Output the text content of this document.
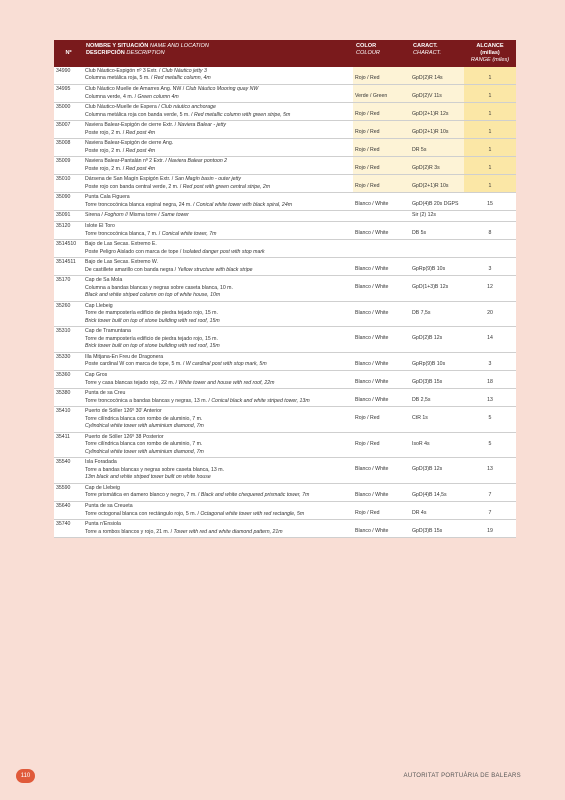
Nº	NOMBRE Y SITUACIÓN NAME AND LOCATION
DESCRIPCIÓN DESCRIPTION	COLOR
COLOUR	CARACT.
CHARACT.	ALCANCE (millas)
RANGE (miles)
34990	Club Náutico-Espigón nº 3 Extr. / Club Náutico jetty 3
Columna metálica roja, 5 m. / Red metallic column, 4m	Rojo / Red	GpD(2)R 14s	1
34995	Club Náutico Muelle de Amarres Ang. NW / Club Náutico Mooring quay NW
Columna verde, 4 m. / Green column 4m	Verde / Green	GpD(2)V 11s	1
35000	Club Náutico-Muelle de Espera / Club náutico anchorage
Columna metálica roja con banda verde, 5 m. / Red metallic column with green stripe, 5m	Rojo / Red	GpD(2+1)R 12s	1
35007	Naviera Balear-Espigón de cierre Extr. / Naviera Balear - jetty
Poste rojo, 2 m. / Red post 4m	Rojo / Red	GpD(2+1)R 10s	1
35008	Naviera Balear-Espigón de cierre Ang.
Poste rojo, 2 m. / Red post 4m	Rojo / Red	DR 5s	1
35009	Naviera Balear-Pantalán nº 2 Extr. / Naviera Balear pontoon 2
Poste rojo, 2 m. / Red post 4m	Rojo / Red	GpD(2)R 3s	1
35010	Dársena de San Magín Espigón Extr. / San Magín basin - outer jetty
Poste rojo con banda central verde, 2 m. / Red post with green central stripe, 2m	Rojo / Red	GpD(2+1)R 10s	1
35090	Punta Cala Figuera
Torre troncocónica blanca espiral negra, 24 m. / Conical white tower with black spiral, 24m	Blanco / White	GpD(4)B 20s DGPS	15
35091	Sirena / Foghorn // Misma torre / Same tower		Sir (2) 12s	
35120	Islote El Toro
Torre troncocónica blanca, 7 m. / Conical white tower, 7m	Blanco / White	DB 5s	8
3514510	Bajo de Las Secas. Extremo E.
Poste Peligro Aislado con marca de tope / Isolated danger post with stop mark			
3514511	Bajo de Las Secas. Extremo W.
De castillete amarillo con banda negra / Yellow structure with black stripe	Blanco / White	GpRp(9)B 10s	3
35170	Cap de Sa Mola
Columna a bandas blancas y negras sobre caseta blanca, 10 m.
Black and white striped column on top of white house, 10m	Blanco / White	GpD(1+3)B 12s	12
35260	Cap Llebeig
Torre de mampostería edificio de piedra tejado rojo, 15 m.
Brick tower built on top of stone building with red roof, 15m	Blanco / White	DB 7,5s	20
35310	Cap de Tramuntana
Torre de mampostería edificio de piedra tejado rojo, 15 m.
Brick tower built on top of stone building with red roof, 15m	Blanco / White	GpD(2)B 12s	14
35330	Illa Mitjana-En Freu de Dragonera
Poste cardinal W con marca de tope, 5 m. / W cardinal post with stop mark, 5m	Blanco / White	GpRp(9)B 10s	3
35360	Cap Gros
Torre y casa blancas tejado rojo, 22 m. / White tower and house with red roof, 22m	Blanco / White	GpD(3)B 15s	18
35380	Punta de sa Creu
Torre troncocónica a bandas blancas y negras, 13 m. / Conical black and white striped tower, 13m	Blanco / White	DB 2,5s	13
35410	Puerto de Sóller 126º 30' Anterior
Torre cilíndrica blanca con rombo de aluminio, 7 m.
Cylindrical white tower with aluminium diamond, 7m	Rojo / Red	CtR 1s	5
35411	Puerto de Sóller 126º 38 Posterior
Torre cilíndrica blanca con rombo de aluminio, 7 m.
Cylindrical white tower with aluminium diamond, 7m	Rojo / Red	IsoR 4s	5
35540	Isla Foradada
Torre a bandas blancas y negras sobre caseta blanca, 13 m.
13m black and white striped tower built on white house	Blanco / White	GpD(3)B 12s	13
35590	Cap de Llebeig
Torre prismática en damero blanco y negro, 7 m. / Black and white chequered prismatic tower, 7m	Blanco / White	GpD(4)B 14,5s	7
35640	Punta de sa Creueta
Torre octogonal blanca con rectángulo rojo, 5 m. / Octagonal white tower with red rectangle, 5m	Rojo / Red	DR 4s	7
35740	Punta n'Ensiola
Torre a rombos blancos y rojo, 21 m. / Tower with red and white diamond pattern, 21m	Blanco / White	GpD(3)B 15s	19
110	AUTORITAT PORTUÀRIA DE BALEARS
